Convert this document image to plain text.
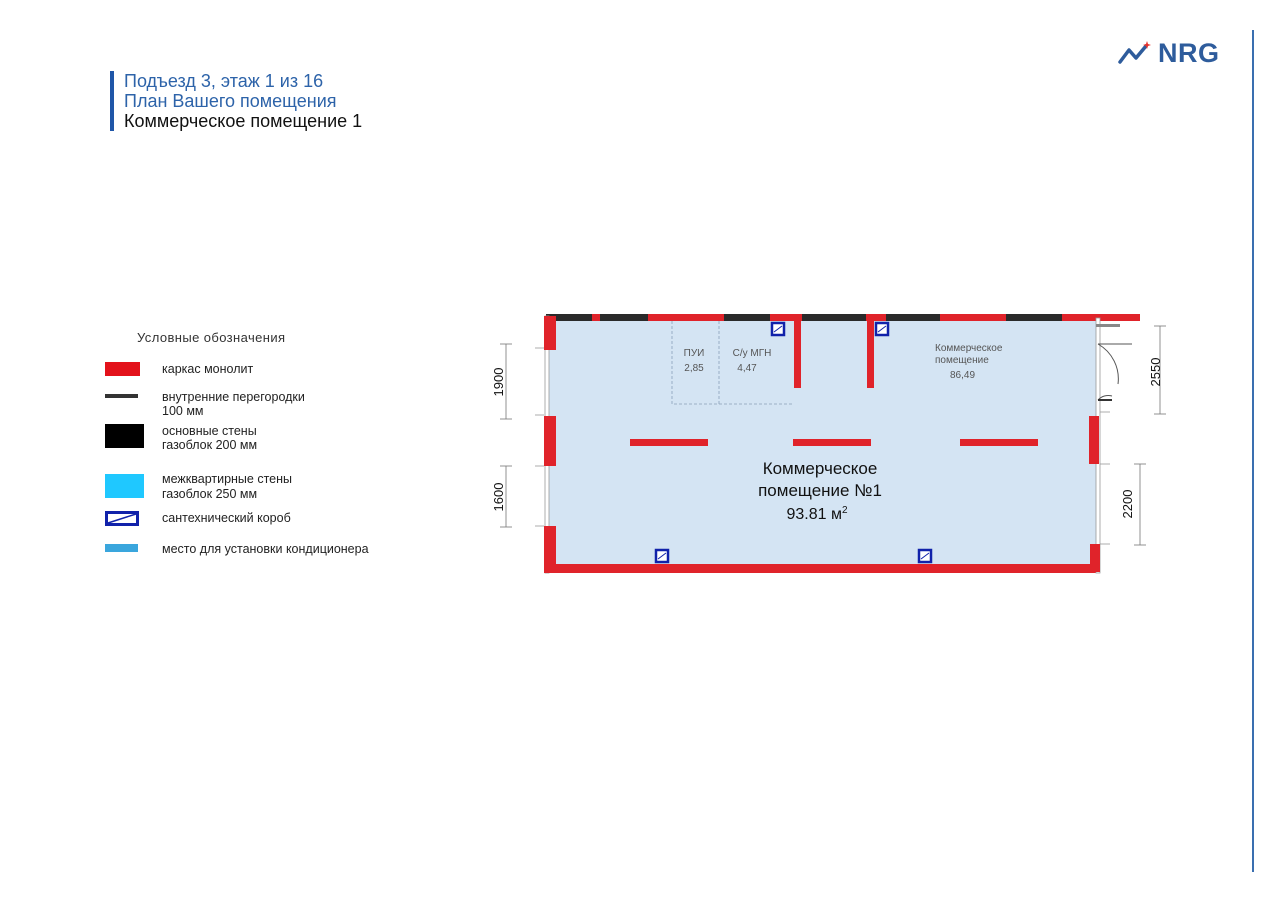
NRG
Подъезд 3, этаж 1 из 16
План Вашего помещения
Коммерческое помещение 1
Условные обозначения
каркас монолит
внутренние перегородки
100 мм
основные стены
газоблок 200 мм
межквартирные стены
газоблок 250 мм
сантехнический короб
место для установки кондиционера
ПУИ
2,85
С/у МГН
4,47
Коммерческое
помещение
86,49
Коммерческое
помещение №1
93.81 $м^2$
1900
1600
2550
2200
